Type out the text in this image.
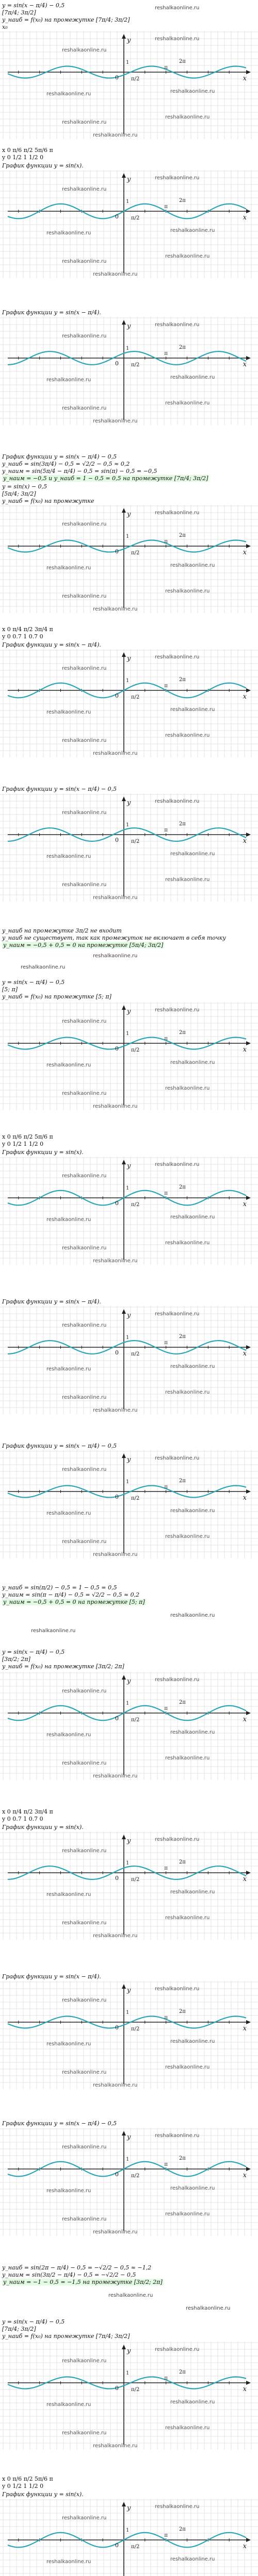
y = sin(x − π/4) − 0,5
[7π/4; 3π/2]
y_наиб = f(x₀) на промежутке [7π/4; 3π/2]
x₀
y
x
0
1
π
2π
π/2
reshalkaonline.ru
reshalkaonline.ru
reshalkaonline.ru	reshalkaonline.ru
reshalkaonline.ru
reshalkaonline.ru
reshalkaonline.ru
x 0 π/6 π/2 5π/6 π
y 0 1/2 1 1/2 0
График функции y = sin(x).
y
x
0
1
π
2π
π/2
reshalkaonline.ru
reshalkaonline.ru
reshalkaonline.ru	reshalkaonline.ru
reshalkaonline.ru
reshalkaonline.ru
reshalkaonline.ru
График функции y = sin(x − π/4).
y
x
0
1
π
2π
π/2
reshalkaonline.ru
reshalkaonline.ru
reshalkaonline.ru	reshalkaonline.ru
reshalkaonline.ru
reshalkaonline.ru
reshalkaonline.ru
График функции y = sin(x − π/4) − 0,5
y_наиб = sin(3π/4) − 0,5 = √2/2 − 0,5 ≈ 0,2
y_наим = sin(5π/4 − π/4) − 0,5 = sin(π) − 0,5 = −0,5
y_наим = −0,5 и y_наиб = 1 − 0,5 = 0,5 на промежутке [7π/4; 3π/2]
y = sin(x) − 0,5
[5π/4; 3π/2]
y_наиб = f(x₀) на промежутке
y
x
0
1
π
2π
π/2
reshalkaonline.ru
reshalkaonline.ru
reshalkaonline.ru	reshalkaonline.ru
reshalkaonline.ru
reshalkaonline.ru
reshalkaonline.ru
x 0 π/4 π/2 3π/4 π
y 0 0.7 1 0.7 0
График функции y = sin(x − π/4).
y
x
0
1
π
2π
π/2
reshalkaonline.ru
reshalkaonline.ru
reshalkaonline.ru	reshalkaonline.ru
reshalkaonline.ru
reshalkaonline.ru
reshalkaonline.ru
График функции y = sin(x − π/4) − 0,5
y
x
0
1
π
2π
π/2
reshalkaonline.ru
reshalkaonline.ru
reshalkaonline.ru	reshalkaonline.ru
reshalkaonline.ru
reshalkaonline.ru
reshalkaonline.ru
y_наиб на промежутке 3π/2 не входит
y_наиб не существует, так как промежуток не включает в себя точку
y_наим = −0,5 + 0,5 = 0 на промежутке [5π/4; 3π/2]
y = sin(x − π/4) − 0,5
[5; π]
y_наиб = f(x₀) на промежутке [5; π]
y
x
0
1
π
2π
π/2
reshalkaonline.ru
reshalkaonline.ru
reshalkaonline.ru	reshalkaonline.ru
reshalkaonline.ru
reshalkaonline.ru
reshalkaonline.ru
x 0 π/6 π/2 5π/6 π
y 0 1/2 1 1/2 0
График функции y = sin(x).
y
x
0
1
π
2π
π/2
reshalkaonline.ru
reshalkaonline.ru
reshalkaonline.ru	reshalkaonline.ru
reshalkaonline.ru
reshalkaonline.ru
reshalkaonline.ru
График функции y = sin(x − π/4).
y
x
0
1
π
2π
π/2
reshalkaonline.ru
reshalkaonline.ru
reshalkaonline.ru	reshalkaonline.ru
reshalkaonline.ru
reshalkaonline.ru
reshalkaonline.ru
График функции y = sin(x − π/4) − 0,5
y
x
0
1
π
2π
π/2
reshalkaonline.ru
reshalkaonline.ru
reshalkaonline.ru	reshalkaonline.ru
reshalkaonline.ru
reshalkaonline.ru
reshalkaonline.ru
y_наиб = sin(π/2) − 0,5 = 1 − 0,5 = 0,5
y_наим = sin(π − π/4) − 0,5 = √2/2 − 0,5 ≈ 0,2
y_наим = −0,5 + 0,5 = 0 на промежутке [5; π]
y = sin(x − π/4) − 0,5
[3π/2; 2π]
y_наиб = f(x₀) на промежутке [3π/2; 2π]
y
x
0
1
π
2π
π/2
reshalkaonline.ru
reshalkaonline.ru
reshalkaonline.ru	reshalkaonline.ru
reshalkaonline.ru
reshalkaonline.ru
reshalkaonline.ru
x 0 π/4 π/2 3π/4 π
y 0 0.7 1 0.7 0
График функции y = sin(x).
y
x
0
1
π
2π
π/2
reshalkaonline.ru
reshalkaonline.ru
reshalkaonline.ru	reshalkaonline.ru
reshalkaonline.ru
reshalkaonline.ru
reshalkaonline.ru
График функции y = sin(x − π/4).
y
x
0
1
π
2π
π/2
reshalkaonline.ru
reshalkaonline.ru
reshalkaonline.ru	reshalkaonline.ru
reshalkaonline.ru
reshalkaonline.ru
reshalkaonline.ru
График функции y = sin(x − π/4) − 0,5
y
x
0
1
π
2π
π/2
reshalkaonline.ru
reshalkaonline.ru
reshalkaonline.ru	reshalkaonline.ru
reshalkaonline.ru
reshalkaonline.ru
reshalkaonline.ru
y_наиб = sin(2π − π/4) − 0,5 = −√2/2 − 0,5 ≈ −1,2
y_наим = sin(3π/2 − π/4) − 0,5 = −√2/2 − 0,5
y_наим = −1 − 0,5 = −1,5 на промежутке [3π/2; 2π]
y = sin(x − π/4) − 0,5
[7π/4; 3π/2]
y_наиб = f(x₀) на промежутке [7π/4; 3π/2]
y
x
0
1
π
2π
π/2
reshalkaonline.ru
reshalkaonline.ru
reshalkaonline.ru	reshalkaonline.ru
reshalkaonline.ru
reshalkaonline.ru
reshalkaonline.ru
x 0 π/6 π/2 5π/6 π
y 0 1/2 1 1/2 0
График функции y = sin(x).
y
x
0
1
π
2π
π/2
reshalkaonline.ru
reshalkaonline.ru
reshalkaonline.ru	reshalkaonline.ru
reshalkaonline.ru
reshalkaonline.ru
reshalkaonline.ru
reshalkaonline.ru
reshalkaonline.ru
reshalkaonline.ru
reshalkaonline.ru
